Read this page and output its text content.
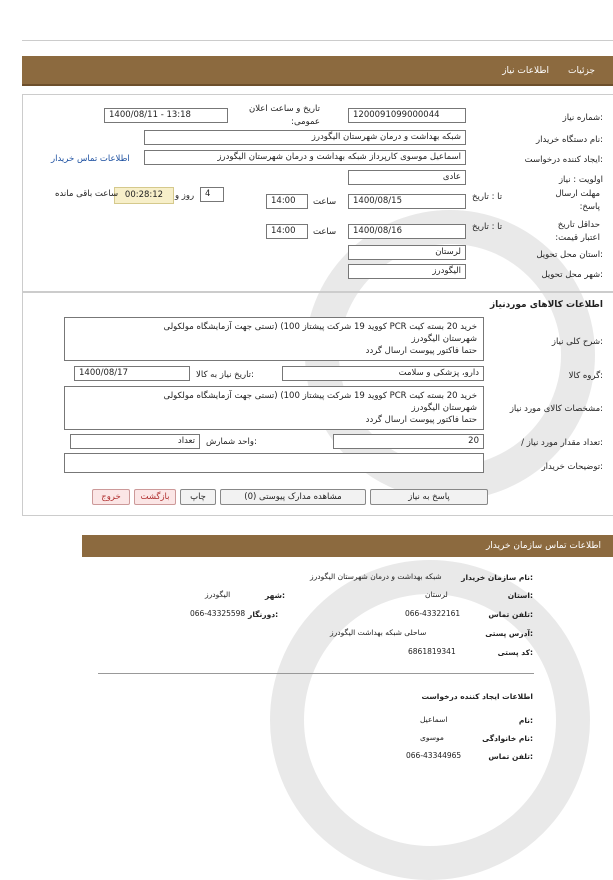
جزئیات
اطلاعات نیاز
شماره نیاز:
1200091099000044
تاریخ و ساعت اعلان عمومی:
1400/08/11 - 13:18
نام دستگاه خریدار:
شبکه بهداشت و درمان شهرستان الیگودرز
ایجاد کننده درخواست:
اسماعیل موسوی کارپرداز شبکه بهداشت و درمان شهرستان الیگودرز
اطلاعات تماس خریدار
اولویت : نیاز
عادی
مهلت ارسال پاسخ:
تا : تاریخ
1400/08/15
ساعت
14:00
4
روز و
00:28:12
ساعت باقی مانده
حداقل تاریخ اعتبار قیمت:
تا : تاریخ
1400/08/16
ساعت
14:00
استان محل تحویل:
لرستان
شهر محل تحویل:
الیگودرز
اطلاعات کالاهای موردنیاز
شرح کلی نیاز:
خرید 20 بسته کیت PCR کووید 19 شرکت پیشتاز 100) (تستی جهت آزمایشگاه مولکولی
شهرستان الیگودرز
حتما فاکتور پیوست ارسال گردد
گروه کالا:
دارو، پزشکی و سلامت
تاریخ نیاز به کالا:
1400/08/17
مشخصات کالای مورد نیاز:
خرید 20 بسته کیت PCR کووید 19 شرکت پیشتاز 100) (تستی جهت آزمایشگاه مولکولی
شهرستان الیگودرز
حتما فاکتور پیوست ارسال گردد
/ تعداد مقدار مورد نیاز:
20
واحد شمارش:
تعداد
توضیحات خریدار:
پاسخ به نیاز
مشاهده مدارک پیوستی (0)
چاپ
بازگشت
خروج
اطلاعات تماس سازمان خریدار
نام سازمان خریدار:
شبکه بهداشت و درمان شهرستان الیگودرز
استان:
لرستان
شهر:
الیگودرز
تلفن تماس:
066-43322161
دورنگار:
066-43325598
آدرس پستی:
ساحلی شبکه بهداشت الیگودرز
کد پستی:
6861819341
اطلاعات ایجاد کننده درخواست
نام:
اسماعیل
نام خانوادگی:
موسوی
تلفن تماس:
066-43344965
